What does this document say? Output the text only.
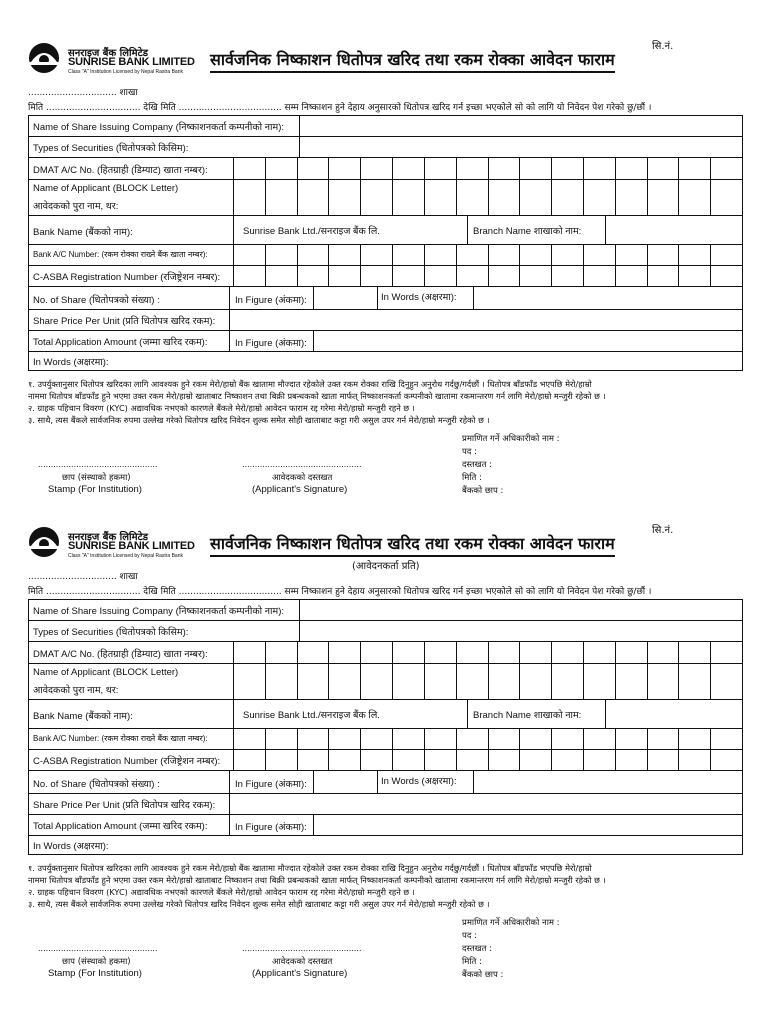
सनराइज बैंक लिमिटेड
SUNRISE BANK LIMITED
Class "A" Institution Licensed by Nepal Rastra Bank
सार्वजनिक निष्काशन धितोपत्र खरिद तथा रकम रोक्का आवेदन फाराम
सि.नं.
............................... शाखा
मिति ................................. देखि मिति .................................... सम्म निष्काशन हुने देहाय अनुसारको धितोपत्र खरिद गर्न इच्छा भएकोले सो को लागि यो निवेदन पेश गरेको छु/छौं ।
Name of Share Issuing Company (निष्काशनकर्ता कम्पनीको नाम):
Types of Securities (धितोपत्रको किसिम):
DMAT A/C No. (हितग्राही (डिम्याट) खाता नम्बर):
Name of Applicant (BLOCK Letter)
आवेदकको पुरा नाम, थर:
Bank Name (बैंकको नाम):	Sunrise Bank Ltd./सनराइज बैंक लि.	Branch Name शाखाको नाम:
Bank A/C Number: (रकम रोक्का राख्ने बैंक खाता नम्बर):
C-ASBA Registration Number (रजिष्ट्रेशन नम्बर):
No. of Share (धितोपत्रको संख्या) :	In Figure (अंकमा):	In Words (अक्षरमा):
Share Price Per Unit (प्रति धितोपत्र खरिद रकम):
Total Application Amount (जम्मा खरिद रकम):	In Figure (अंकमा):
In Words (अक्षरमा):
१. उपर्युक्तानुसार धितोपत्र खरिदका लागि आवश्यक हुने रकम मेरो/हाम्रो बैंक खातामा मौज्दात रहेकोले उक्त रकम रोक्का राखि दिनुहुन अनुरोध गर्दछु/गर्दछौं । धितोपत्र बाँडफाँड भएपछि मेरो/हाम्रो
नाममा धितोपत्र बाँडफाँड हुने भएमा उक्त रकम मेरो/हाम्रो खाताबाट निष्काशन तथा बिक्री प्रबन्धकको खाता मार्फत् निष्काशनकर्ता कम्पनीको खातामा रकमान्तरण गर्न लागि मेरो/हाम्रो मन्जुरी रहेको छ ।
२. ग्राहक पहिचान विवरण (KYC) अद्यावधिक नभएको कारणले बैंकले मेरो/हाम्रो आवेदन फाराम रद्द गरेमा मेरो/हाम्रो मन्जुरी रहने छ ।
३. साथै, त्यस बैंकले सार्वजनिक रुपमा उल्लेख गरेको धितोपत्र खरिद निवेदन शुल्क समेत सोही खाताबाट कट्टा गरी असुल उपर गर्न मेरो/हाम्रो मन्जुरी रहेको छ ।
...............................................
छाप (संस्थाको हकमा)
Stamp (For Institution)
...............................................
आवेदकको दस्तखत
(Applicant's Signature)
प्रमाणित गर्ने अधिकारीको नाम :
पद :
दस्तखत :
मिति :
बैंकको छाप :
सनराइज बैंक लिमिटेड
SUNRISE BANK LIMITED
Class "A" Institution Licensed by Nepal Rastra Bank
सार्वजनिक निष्काशन धितोपत्र खरिद तथा रकम रोक्का आवेदन फाराम
सि.नं.
(आवेदनकर्ता प्रति)
............................... शाखा
मिति ................................. देखि मिति .................................... सम्म निष्काशन हुने देहाय अनुसारको धितोपत्र खरिद गर्न इच्छा भएकोले सो को लागि यो निवेदन पेश गरेको छु/छौं ।
Name of Share Issuing Company (निष्काशनकर्ता कम्पनीको नाम):
Types of Securities (धितोपत्रको किसिम):
DMAT A/C No. (हितग्राही (डिम्याट) खाता नम्बर):
Name of Applicant (BLOCK Letter)
आवेदकको पुरा नाम, थर:
Bank Name (बैंकको नाम):	Sunrise Bank Ltd./सनराइज बैंक लि.	Branch Name शाखाको नाम:
Bank A/C Number: (रकम रोक्का राख्ने बैंक खाता नम्बर):
C-ASBA Registration Number (रजिष्ट्रेशन नम्बर):
No. of Share (धितोपत्रको संख्या) :	In Figure (अंकमा):	In Words (अक्षरमा):
Share Price Per Unit (प्रति धितोपत्र खरिद रकम):
Total Application Amount (जम्मा खरिद रकम):	In Figure (अंकमा):
In Words (अक्षरमा):
१. उपर्युक्तानुसार धितोपत्र खरिदका लागि आवश्यक हुने रकम मेरो/हाम्रो बैंक खातामा मौज्दात रहेकोले उक्त रकम रोक्का राखि दिनुहुन अनुरोध गर्दछु/गर्दछौं । धितोपत्र बाँडफाँड भएपछि मेरो/हाम्रो
नाममा धितोपत्र बाँडफाँड हुने भएमा उक्त रकम मेरो/हाम्रो खाताबाट निष्काशन तथा बिक्री प्रबन्धकको खाता मार्फत् निष्काशनकर्ता कम्पनीको खातामा रकमान्तरण गर्न लागि मेरो/हाम्रो मन्जुरी रहेको छ ।
२. ग्राहक पहिचान विवरण (KYC) अद्यावधिक नभएको कारणले बैंकले मेरो/हाम्रो आवेदन फाराम रद्द गरेमा मेरो/हाम्रो मन्जुरी रहने छ ।
३. साथै, त्यस बैंकले सार्वजनिक रुपमा उल्लेख गरेको धितोपत्र खरिद निवेदन शुल्क समेत सोही खाताबाट कट्टा गरी असुल उपर गर्न मेरो/हाम्रो मन्जुरी रहेको छ ।
...............................................
छाप (संस्थाको हकमा)
Stamp (For Institution)
...............................................
आवेदकको दस्तखत
(Applicant's Signature)
प्रमाणित गर्ने अधिकारीको नाम :
पद :
दस्तखत :
मिति :
बैंकको छाप :
